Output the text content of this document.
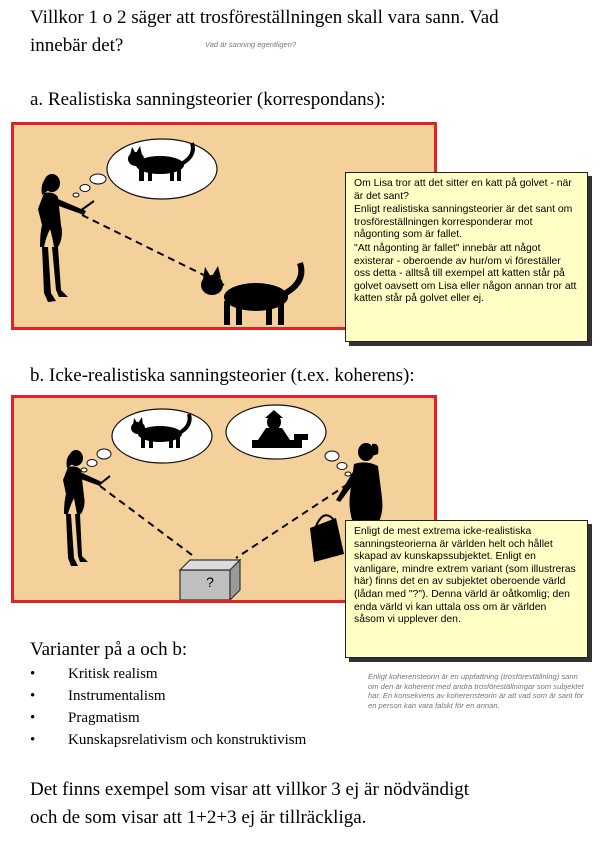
Villkor 1 o 2 säger att trosföreställningen skall vara sann. Vad
innebär det?	Vad är sanning egentligen?
a. Realistiska sanningsteorier (korrespondans):

Om Lisa tror att det sitter en katt på golvet - när är det sant?

Enligt realistiska sanningsteorier är det sant om trosföreställningen korresponderar mot någonting som är fallet.

"Att någonting är fallet" innebär att något existerar - oberoende av hur/om vi föreställer oss detta - alltså till exempel att katten står på golvet oavsett om Lisa eller någon annan tror att katten står på golvet eller ej.

b. Icke-realistiska sanningsteorier (t.ex. koherens):
?

Enligt de mest extrema icke-realistiska sanningsteorierna är världen helt och hållet skapad av kunskapssubjektet. Enligt en vanligare, mindre extrem variant (som illustreras här) finns det en av subjektet oberoende värld (lådan med "?"). Denna värld är oåtkomlig; den enda värld vi kan uttala oss om är världen såsom vi upplever den.

Varianter på a och b:
• Kritisk realism
• Instrumentalism
• Pragmatism
• Kunskapsrelativism och konstruktivism
Enligt koherensteorin är en uppfattning (trosföreställning) sann om den är koherent med andra trosföreställningar som subjektet har. En konsekvens av koherensteorin är att vad som är sant för en person kan vara falskt för en annan.
Det finns exempel som visar att villkor 3 ej är nödvändigt
och de som visar att 1+2+3 ej är tillräckliga.
